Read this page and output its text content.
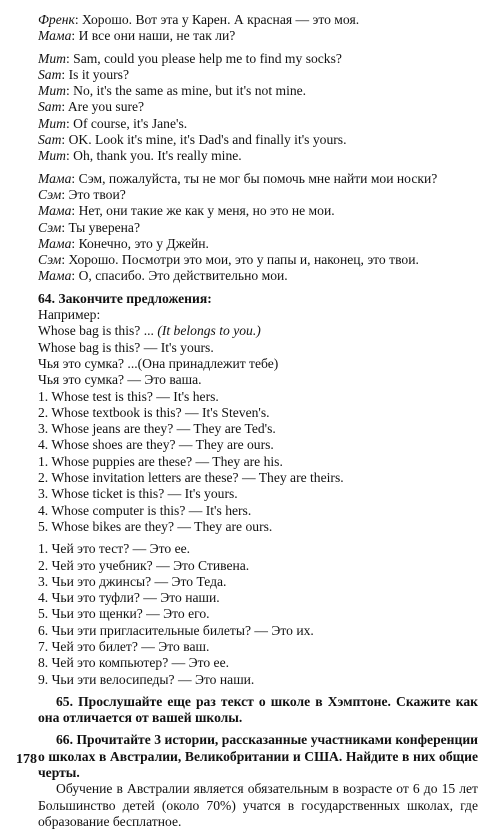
Френк: Хорошо. Вот эта у Карен. А красная — это моя.
Мама: И все они наши, не так ли?
Mum: Sam, could you please help me to find my socks?
Sam: Is it yours?
Mum: No, it's the same as mine, but it's not mine.
Sam: Are you sure?
Mum: Of course, it's Jane's.
Sam: OK. Look it's mine, it's Dad's and finally it's yours.
Mum: Oh, thank you. It's really mine.
Мама: Сэм, пожалуйста, ты не мог бы помочь мне найти мои носки?
Сэм: Это твои?
Мама: Нет, они такие же как у меня, но это не мои.
Сэм: Ты уверена?
Мама: Конечно, это у Джейн.
Сэм: Хорошо. Посмотри это мои, это у папы и, наконец, это твои.
Мама: О, спасибо. Это действительно мои.
64. Закончите предложения:
Например:
Whose bag is this? ... (It belongs to you.)
Whose bag is this? — It's yours.
Чья это сумка? ...(Она принадлежит тебе)
Чья это сумка? — Это ваша.
1. Whose test is this? — It's hers.
2. Whose textbook is this? — It's Steven's.
3. Whose jeans are they? — They are Ted's.
4. Whose shoes are they? — They are ours.
1. Whose puppies are these? — They are his.
2. Whose invitation letters are these? — They are theirs.
3. Whose ticket is this? — It's yours.
4. Whose computer is this? — It's hers.
5. Whose bikes are they? — They are ours.
1. Чей это тест? — Это ее.
2. Чей это учебник? — Это Стивена.
3. Чьи это джинсы? — Это Теда.
4. Чьи это туфли? — Это наши.
5. Чьи это щенки? — Это его.
6. Чьи эти пригласительные билеты? — Это их.
7. Чей это билет? — Это ваш.
8. Чей это компьютер? — Это ее.
9. Чьи эти велосипеды? — Это наши.
65. Прослушайте еще раз текст о школе в Хэмптоне. Скажите как она отличается от вашей школы.
66. Прочитайте 3 истории, рассказанные участниками конференции о школах в Австралии, Великобритании и США. Найдите в них общие черты.
Обучение в Австралии является обязательным в возрасте от 6 до 15 лет Большинство детей (около 70%) учатся в государственных школах, где образование бесплатное.
178
